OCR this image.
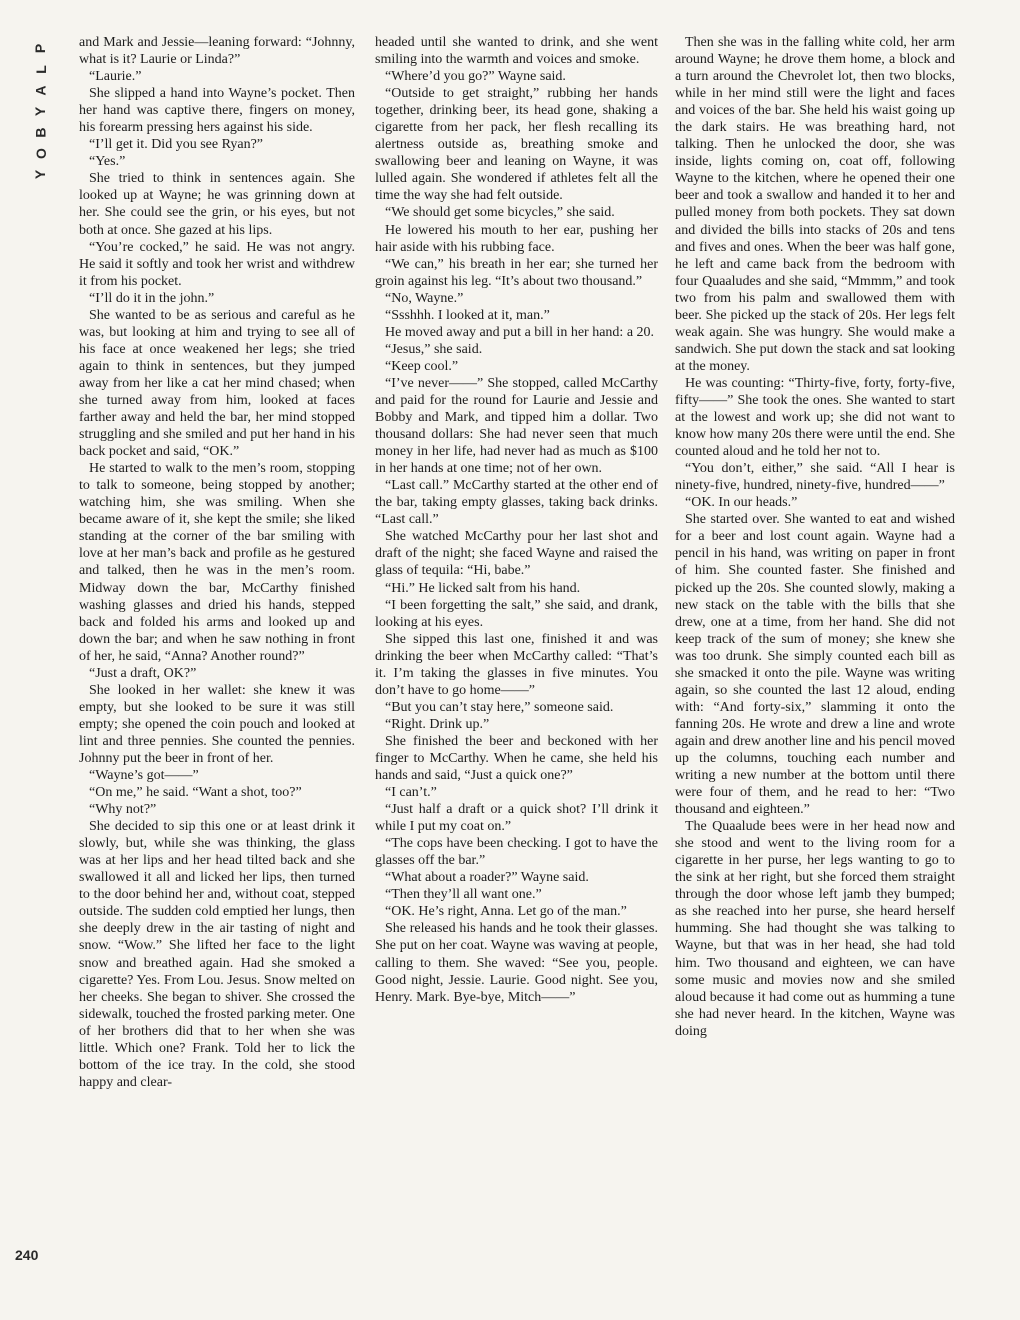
P
L
A
Y
B
O
Y
240

and Mark and Jessie—leaning forward: “Johnny, what is it? Laurie or Linda?”

“Laurie.”

She slipped a hand into Wayne’s pocket. Then her hand was captive there, fingers on money, his forearm pressing hers against his side.

“I’ll get it. Did you see Ryan?”

“Yes.”

She tried to think in sentences again. She looked up at Wayne; he was grinning down at her. She could see the grin, or his eyes, but not both at once. She gazed at his lips.

“You’re cocked,” he said. He was not angry. He said it softly and took her wrist and withdrew it from his pocket.

“I’ll do it in the john.”

She wanted to be as serious and careful as he was, but looking at him and trying to see all of his face at once weakened her legs; she tried again to think in sentences, but they jumped away from her like a cat her mind chased; when she turned away from him, looked at faces farther away and held the bar, her mind stopped struggling and she smiled and put her hand in his back pocket and said, “OK.”

He started to walk to the men’s room, stopping to talk to someone, being stopped by another; watching him, she was smiling. When she became aware of it, she kept the smile; she liked standing at the corner of the bar smiling with love at her man’s back and profile as he gestured and talked, then he was in the men’s room. Midway down the bar, McCarthy finished washing glasses and dried his hands, stepped back and folded his arms and looked up and down the bar; and when he saw nothing in front of her, he said, “Anna? Another round?”

“Just a draft, OK?”

She looked in her wallet: she knew it was empty, but she looked to be sure it was still empty; she opened the coin pouch and looked at lint and three pennies. She counted the pennies. Johnny put the beer in front of her.

“Wayne’s got——”

“On me,” he said. “Want a shot, too?”

“Why not?”

She decided to sip this one or at least drink it slowly, but, while she was thinking, the glass was at her lips and her head tilted back and she swallowed it all and licked her lips, then turned to the door behind her and, without coat, stepped outside. The sudden cold emptied her lungs, then she deeply drew in the air tasting of night and snow. “Wow.” She lifted her face to the light snow and breathed again. Had she smoked a cigarette? Yes. From Lou. Jesus. Snow melted on her cheeks. She began to shiver. She crossed the sidewalk, touched the frosted parking meter. One of her brothers did that to her when she was little. Which one? Frank. Told her to lick the bottom of the ice tray. In the cold, she stood happy and clear-

headed until she wanted to drink, and she went smiling into the warmth and voices and smoke.

“Where’d you go?” Wayne said.

“Outside to get straight,” rubbing her hands together, drinking beer, its head gone, shaking a cigarette from her pack, her flesh recalling its alertness outside as, breathing smoke and swallowing beer and leaning on Wayne, it was lulled again. She wondered if athletes felt all the time the way she had felt outside.

“We should get some bicycles,” she said.

He lowered his mouth to her ear, pushing her hair aside with his rubbing face.

“We can,” his breath in her ear; she turned her groin against his leg. “It’s about two thousand.”

“No, Wayne.”

“Ssshhh. I looked at it, man.”

He moved away and put a bill in her hand: a 20.

“Jesus,” she said.

“Keep cool.”

“I’ve never——” She stopped, called McCarthy and paid for the round for Laurie and Jessie and Bobby and Mark, and tipped him a dollar. Two thousand dollars: She had never seen that much money in her life, had never had as much as $100 in her hands at one time; not of her own.

“Last call.” McCarthy started at the other end of the bar, taking empty glasses, taking back drinks. “Last call.”

She watched McCarthy pour her last shot and draft of the night; she faced Wayne and raised the glass of tequila: “Hi, babe.”

“Hi.” He licked salt from his hand.

“I been forgetting the salt,” she said, and drank, looking at his eyes.

She sipped this last one, finished it and was drinking the beer when McCarthy called: “That’s it. I’m taking the glasses in five minutes. You don’t have to go home——”

“But you can’t stay here,” someone said.

“Right. Drink up.”

She finished the beer and beckoned with her finger to McCarthy. When he came, she held his hands and said, “Just a quick one?”

“I can’t.”

“Just half a draft or a quick shot? I’ll drink it while I put my coat on.”

“The cops have been checking. I got to have the glasses off the bar.”

“What about a roader?” Wayne said.

“Then they’ll all want one.”

“OK. He’s right, Anna. Let go of the man.”

She released his hands and he took their glasses. She put on her coat. Wayne was waving at people, calling to them. She waved: “See you, people. Good night, Jessie. Laurie. Good night. See you, Henry. Mark. Bye-bye, Mitch——”

Then she was in the falling white cold, her arm around Wayne; he drove them home, a block and a turn around the Chevrolet lot, then two blocks, while in her mind still were the light and faces and voices of the bar. She held his waist going up the dark stairs. He was breathing hard, not talking. Then he unlocked the door, she was inside, lights coming on, coat off, following Wayne to the kitchen, where he opened their one beer and took a swallow and handed it to her and pulled money from both pockets. They sat down and divided the bills into stacks of 20s and tens and fives and ones. When the beer was half gone, he left and came back from the bedroom with four Quaaludes and she said, “Mmmm,” and took two from his palm and swallowed them with beer. She picked up the stack of 20s. Her legs felt weak again. She was hungry. She would make a sandwich. She put down the stack and sat looking at the money.

He was counting: “Thirty-five, forty, forty-five, fifty——” She took the ones. She wanted to start at the lowest and work up; she did not want to know how many 20s there were until the end. She counted aloud and he told her not to.

“You don’t, either,” she said. “All I hear is ninety-five, hundred, ninety-five, hundred——”

“OK. In our heads.”

She started over. She wanted to eat and wished for a beer and lost count again. Wayne had a pencil in his hand, was writing on paper in front of him. She counted faster. She finished and picked up the 20s. She counted slowly, making a new stack on the table with the bills that she drew, one at a time, from her hand. She did not keep track of the sum of money; she knew she was too drunk. She simply counted each bill as she smacked it onto the pile. Wayne was writing again, so she counted the last 12 aloud, ending with: “And forty-six,” slamming it onto the fanning 20s. He wrote and drew a line and wrote again and drew another line and his pencil moved up the columns, touching each number and writing a new number at the bottom until there were four of them, and he read to her: “Two thousand and eighteen.”

The Quaalude bees were in her head now and she stood and went to the living room for a cigarette in her purse, her legs wanting to go to the sink at her right, but she forced them straight through the door whose left jamb they bumped; as she reached into her purse, she heard herself humming. She had thought she was talking to Wayne, but that was in her head, she had told him. Two thousand and eighteen, we can have some music and movies now and she smiled aloud because it had come out as humming a tune she had never heard. In the kitchen, Wayne was doing
